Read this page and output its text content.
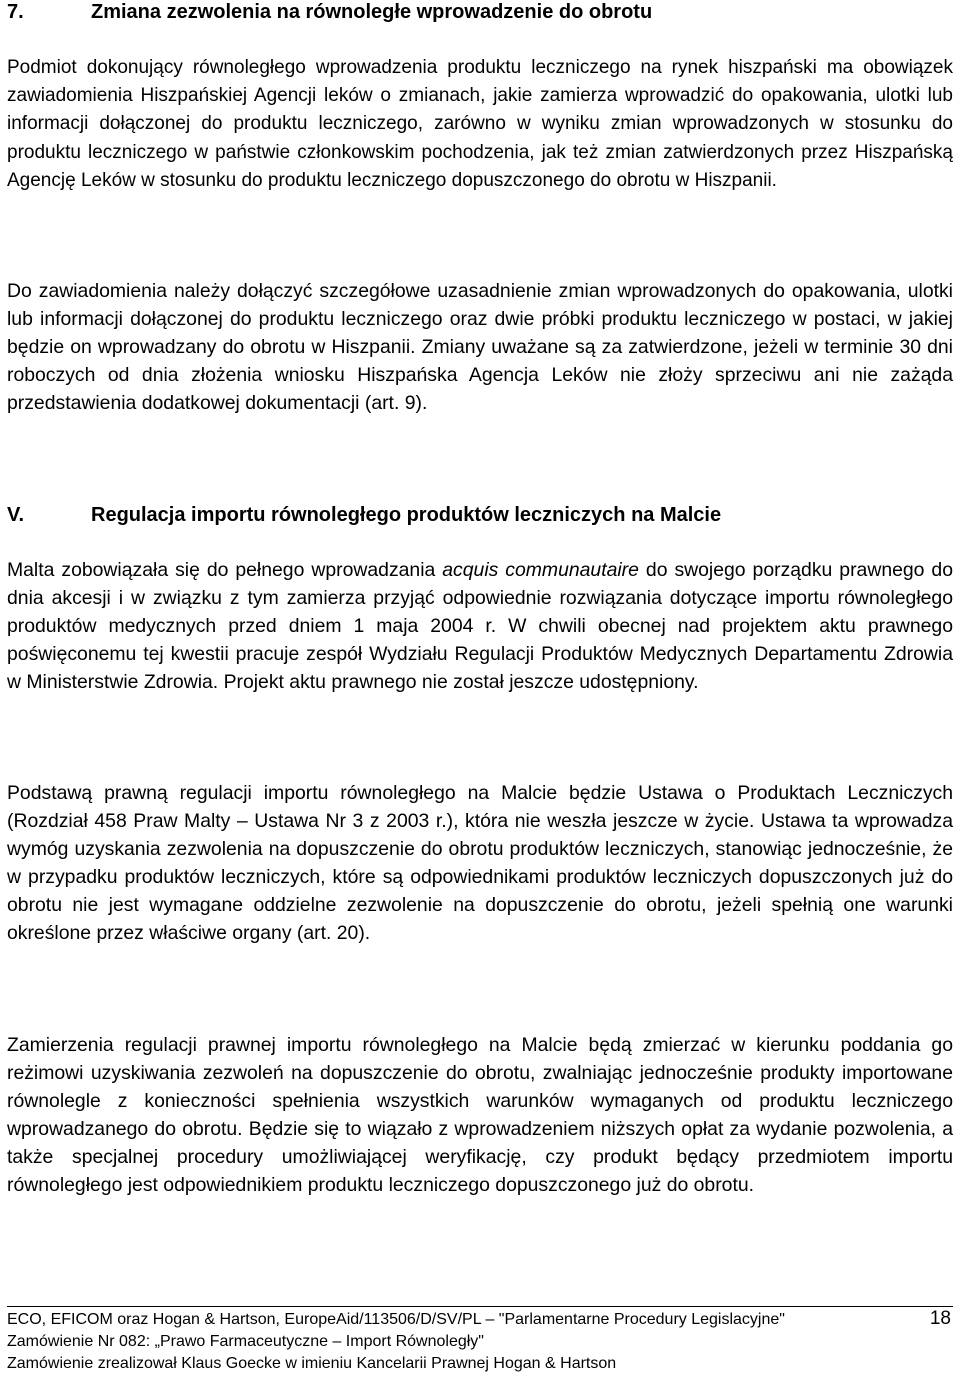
7.	Zmiana zezwolenia na równoległe wprowadzenie do obrotu

Podmiot dokonujący równoległego wprowadzenia produktu leczniczego na rynek hiszpański ma obowiązek zawiadomienia Hiszpańskiej Agencji leków o zmianach, jakie zamierza wprowadzić do opakowania, ulotki lub informacji dołączonej do produktu leczniczego, zarówno w wyniku zmian wprowadzonych w stosunku do produktu leczniczego w państwie członkowskim pochodzenia, jak też zmian zatwierdzonych przez Hiszpańską Agencję Leków w stosunku do produktu leczniczego dopuszczonego do obrotu w Hiszpanii.

Do zawiadomienia należy dołączyć szczegółowe uzasadnienie zmian wprowadzonych do opakowania, ulotki lub informacji dołączonej do produktu leczniczego oraz dwie próbki produktu leczniczego w postaci, w jakiej będzie on wprowadzany do obrotu w Hiszpanii. Zmiany uważane są za zatwierdzone, jeżeli w terminie 30 dni roboczych od dnia złożenia wniosku Hiszpańska Agencja Leków nie złoży sprzeciwu ani nie zażąda przedstawienia dodatkowej dokumentacji (art. 9).

V.	Regulacja importu równoległego produktów leczniczych na Malcie

Malta zobowiązała się do pełnego wprowadzania acquis communautaire do swojego porządku prawnego do dnia akcesji i w związku z tym zamierza przyjąć odpowiednie rozwiązania dotyczące importu równoległego produktów medycznych przed dniem 1 maja 2004 r. W chwili obecnej nad projektem aktu prawnego poświęconemu tej kwestii pracuje zespół Wydziału Regulacji Produktów Medycznych Departamentu Zdrowia w Ministerstwie Zdrowia. Projekt aktu prawnego nie został jeszcze udostępniony.

Podstawą prawną regulacji importu równoległego na Malcie będzie Ustawa o Produktach Leczniczych (Rozdział 458 Praw Malty – Ustawa Nr 3 z 2003 r.), która nie weszła jeszcze w życie. Ustawa ta wprowadza wymóg uzyskania zezwolenia na dopuszczenie do obrotu produktów leczniczych, stanowiąc jednocześnie, że w przypadku produktów leczniczych, które są odpowiednikami produktów leczniczych dopuszczonych już do obrotu nie jest wymagane oddzielne zezwolenie na dopuszczenie do obrotu, jeżeli spełnią one warunki określone przez właściwe organy (art. 20).

Zamierzenia regulacji prawnej importu równoległego na Malcie będą zmierzać w kierunku poddania go reżimowi uzyskiwania zezwoleń na dopuszczenie do obrotu, zwalniając jednocześnie produkty importowane równolegle z konieczności spełnienia wszystkich warunków wymaganych od produktu leczniczego wprowadzanego do obrotu. Będzie się to wiązało z wprowadzeniem niższych opłat za wydanie pozwolenia, a także specjalnej procedury umożliwiającej weryfikację, czy produkt będący przedmiotem importu równoległego jest odpowiednikiem produktu leczniczego dopuszczonego już do obrotu.

ECO, EFICOM oraz Hogan & Hartson, EuropeAid/113506/D/SV/PL – "Parlamentarne Procedury Legislacyjne"
Zamówienie Nr 082: „Prawo Farmaceutyczne – Import Równoległy"
Zamówienie zrealizował Klaus Goecke w imieniu Kancelarii Prawnej Hogan & Hartson
18
